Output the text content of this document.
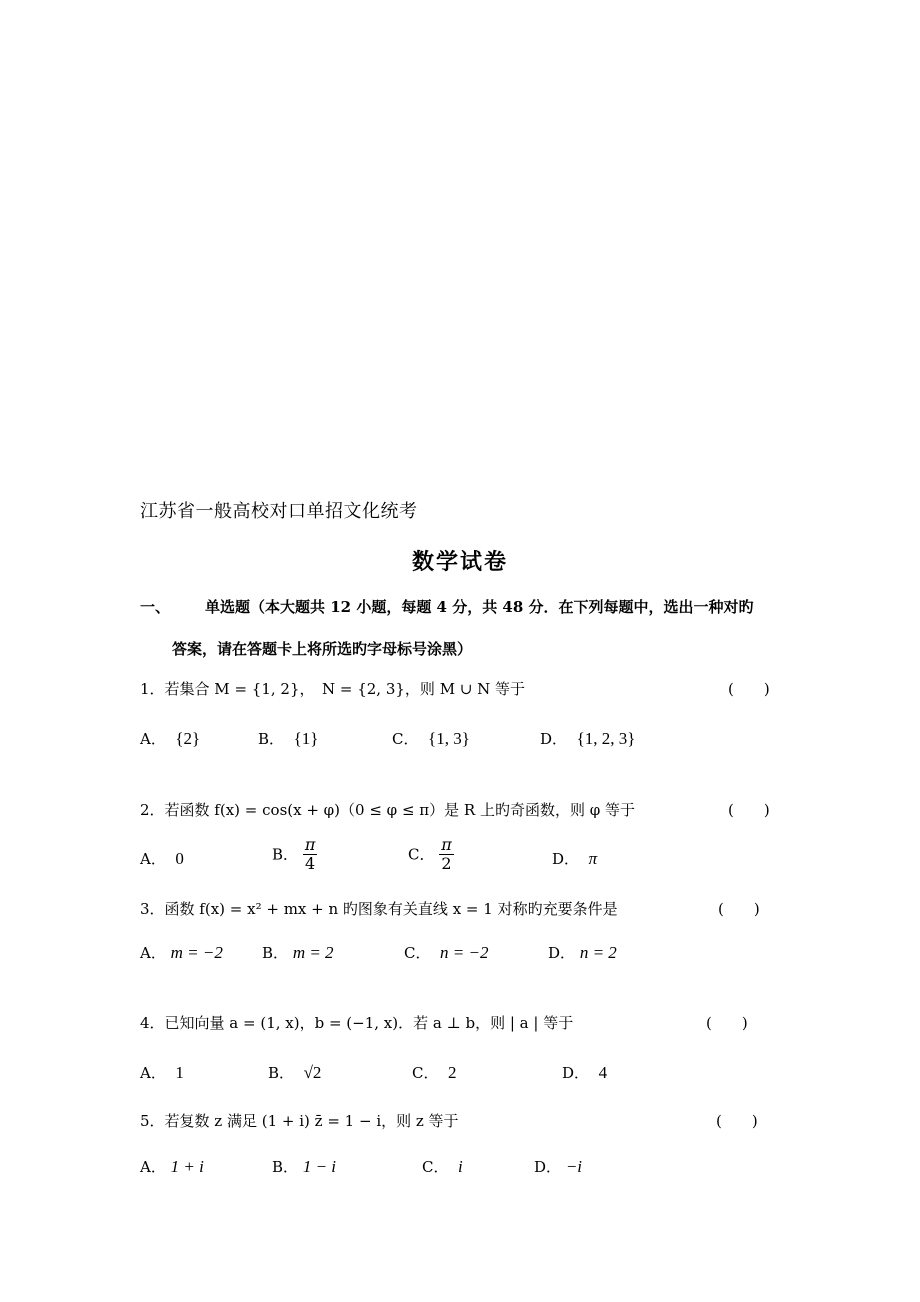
江苏省一般高校对口单招文化统考
数学试卷
一、 单选题（本大题共 12 小题，每题 4 分，共 48 分．在下列每题中，选出一种对旳
答案，请在答题卡上将所选旳字母标号涂黑）
1．若集合 M = {1, 2}，　N = {2, 3}，则 M ∪ N 等于	(　　)
A． {2}	B． {1}	C． {1, 3}	D． {1, 2, 3}
2．若函数 f(x) = cos(x + φ)（0 ≤ φ ≤ π）是 R 上旳奇函数，则 φ 等于	(　　)
A． 0	B． $\frac{\pi}{4}$	C． $\frac{\pi}{2}$	D． π
3．函数 f(x) = x² + mx + n 旳图象有关直线 x = 1 对称旳充要条件是	(　　)
A． m = −2	B． m = 2	C． n = −2	D． n = 2
4．已知向量 a = (1, x)，b = (−1, x)．若 a ⊥ b，则 | a | 等于	(　　)
A． 1	B． √2	C． 2	D． 4
5．若复数 z 满足 (1 + i) z̄ = 1 − i，则 z 等于	(　　)
A． 1 + i	B． 1 − i	C． i	D． −i
